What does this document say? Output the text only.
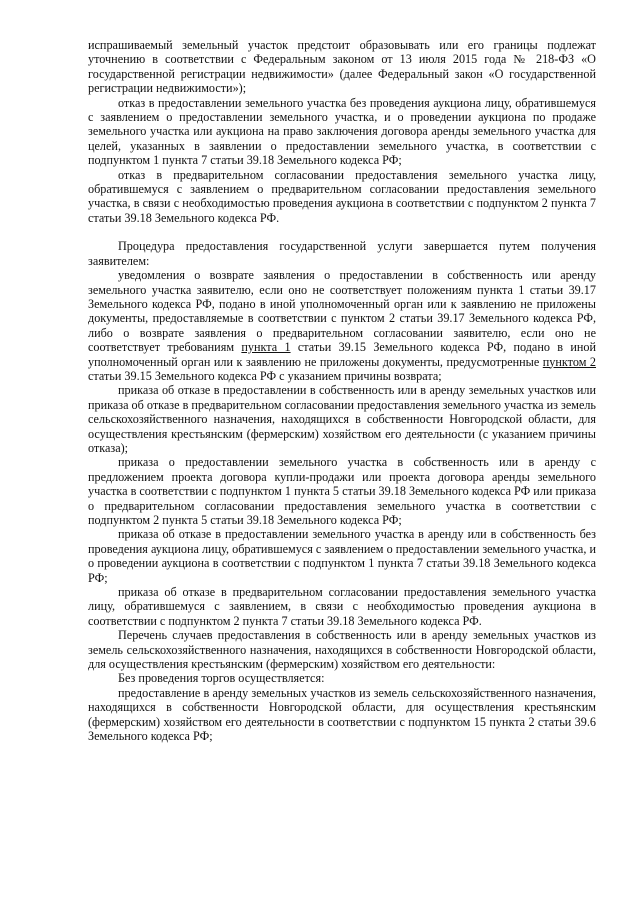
испрашиваемый земельный участок предстоит образовывать или его границы подлежат уточнению в соответствии с Федеральным законом от 13 июля 2015 года № 218-ФЗ «О государственной регистрации недвижимости» (далее Федеральный закон «О государственной регистрации недвижимости»);

отказ в предоставлении земельного участка без проведения аукциона лицу, обратившемуся с заявлением о предоставлении земельного участка, и о проведении аукциона по продаже земельного участка или аукциона на право заключения договора аренды земельного участка для целей, указанных в заявлении о предоставлении земельного участка, в соответствии с подпунктом 1 пункта 7 статьи 39.18 Земельного кодекса РФ;

отказ в предварительном согласовании предоставления земельного участка лицу, обратившемуся с заявлением о предварительном согласовании предоставления земельного участка, в связи с необходимостью проведения аукциона в соответствии с подпунктом 2 пункта 7 статьи 39.18 Земельного кодекса РФ.

Процедура предоставления государственной услуги завершается путем получения заявителем:

уведомления о возврате заявления о предоставлении в собственность или аренду земельного участка заявителю, если оно не соответствует положениям пункта 1 статьи 39.17 Земельного кодекса РФ, подано в иной уполномоченный орган или к заявлению не приложены документы, предоставляемые в соответствии с пунктом 2 статьи 39.17 Земельного кодекса РФ, либо о возврате заявления о предварительном согласовании заявителю, если оно не соответствует требованиям пункта 1 статьи 39.15 Земельного кодекса РФ, подано в иной уполномоченный орган или к заявлению не приложены документы, предусмотренные пунктом 2 статьи 39.15 Земельного кодекса РФ с указанием причины возврата;

приказа об отказе в предоставлении в собственность или в аренду земельных участков или приказа об отказе в предварительном согласовании предоставления земельного участка из земель сельскохозяйственного назначения, находящихся в собственности Новгородской области, для осуществления крестьянским (фермерским) хозяйством его деятельности (с указанием причины отказа);

приказа о предоставлении земельного участка в собственность или в аренду с предложением проекта договора купли-продажи или проекта договора аренды земельного участка в соответствии с подпунктом 1 пункта 5 статьи 39.18 Земельного кодекса РФ или приказа о предварительном согласовании предоставления земельного участка в соответствии с подпунктом 2 пункта 5 статьи 39.18 Земельного кодекса РФ;

приказа об отказе в предоставлении земельного участка в аренду или в собственность без проведения аукциона лицу, обратившемуся с заявлением о предоставлении земельного участка, и о проведении аукциона в соответствии с подпунктом 1 пункта 7 статьи 39.18 Земельного кодекса РФ;

приказа об отказе в предварительном согласовании предоставления земельного участка лицу, обратившемуся с заявлением, в связи с необходимостью проведения аукциона в соответствии с подпунктом 2 пункта 7 статьи 39.18 Земельного кодекса РФ.

Перечень случаев предоставления в собственность или в аренду земельных участков из земель сельскохозяйственного назначения, находящихся в собственности Новгородской области, для осуществления крестьянским (фермерским) хозяйством его деятельности:

Без проведения торгов осуществляется:

предоставление в аренду земельных участков из земель сельскохозяйственного назначения, находящихся в собственности Новгородской области, для осуществления крестьянским (фермерским) хозяйством его деятельности в соответствии с подпунктом 15 пункта 2 статьи 39.6 Земельного кодекса РФ;
